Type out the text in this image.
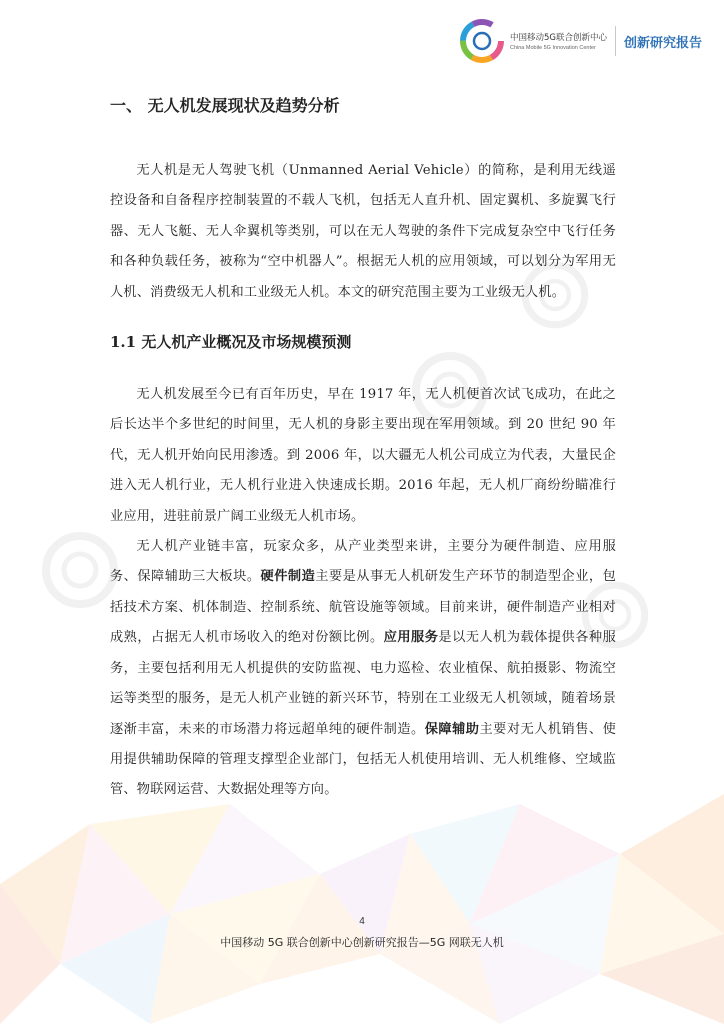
中国移动5G联合创新中心
China Mobile 5G Innovation Center	创新研究报告
一、 无人机发展现状及趋势分析

无人机是无人驾驶飞机（Unmanned Aerial Vehicle）的简称，是利用无线遥控设备和自备程序控制装置的不载人飞机，包括无人直升机、固定翼机、多旋翼飞行器、无人飞艇、无人伞翼机等类别，可以在无人驾驶的条件下完成复杂空中飞行任务和各种负载任务，被称为“空中机器人”。根据无人机的应用领域，可以划分为军用无人机、消费级无人机和工业级无人机。本文的研究范围主要为工业级无人机。

1.1 无人机产业概况及市场规模预测

无人机发展至今已有百年历史，早在 1917 年，无人机便首次试飞成功，在此之后长达半个多世纪的时间里，无人机的身影主要出现在军用领域。到 20 世纪 90 年代，无人机开始向民用渗透。到 2006 年，以大疆无人机公司成立为代表，大量民企进入无人机行业，无人机行业进入快速成长期。2016 年起，无人机厂商纷纷瞄准行业应用，进驻前景广阔工业级无人机市场。

无人机产业链丰富，玩家众多，从产业类型来讲，主要分为硬件制造、应用服务、保障辅助三大板块。硬件制造主要是从事无人机研发生产环节的制造型企业，包括技术方案、机体制造、控制系统、航管设施等领域。目前来讲，硬件制造产业相对成熟，占据无人机市场收入的绝对份额比例。应用服务是以无人机为载体提供各种服务，主要包括利用无人机提供的安防监视、电力巡检、农业植保、航拍摄影、物流空运等类型的服务，是无人机产业链的新兴环节，特别在工业级无人机领域，随着场景逐渐丰富，未来的市场潜力将远超单纯的硬件制造。保障辅助主要对无人机销售、使用提供辅助保障的管理支撑型企业部门，包括无人机使用培训、无人机维修、空域监管、物联网运营、大数据处理等方向。

4
中国移动 5G 联合创新中心创新研究报告—5G 网联无人机
